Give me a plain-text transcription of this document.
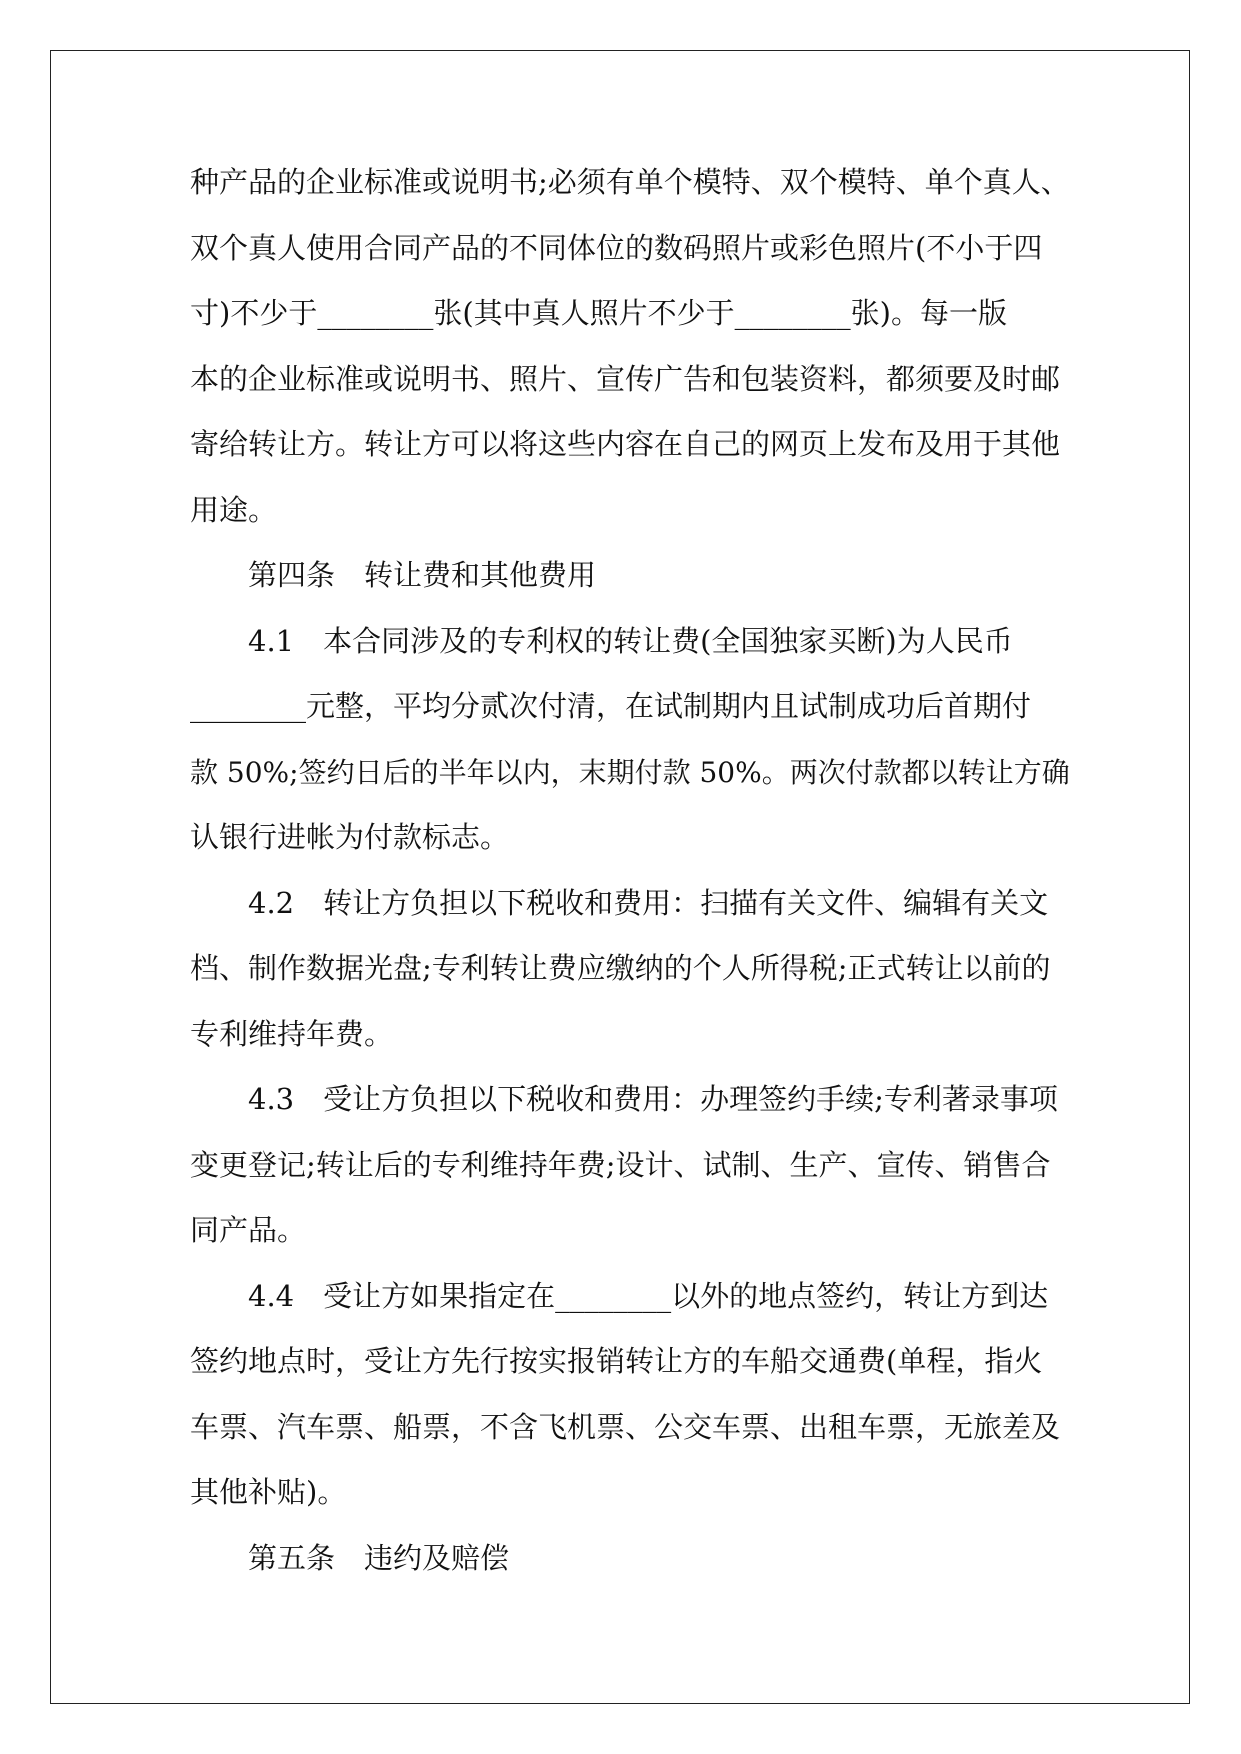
种产品的企业标准或说明书;必须有单个模特、双个模特、单个真人、

双个真人使用合同产品的不同体位的数码照片或彩色照片(不小于四

寸)不少于________张(其中真人照片不少于________张)。每一版

本的企业标准或说明书、照片、宣传广告和包装资料，都须要及时邮

寄给转让方。转让方可以将这些内容在自己的网页上发布及用于其他

用途。

第四条　转让费和其他费用

4.1　本合同涉及的专利权的转让费(全国独家买断)为人民币

________元整，平均分贰次付清，在试制期内且试制成功后首期付

款 50%;签约日后的半年以内，末期付款 50%。两次付款都以转让方确

认银行进帐为付款标志。

4.2　转让方负担以下税收和费用：扫描有关文件、编辑有关文

档、制作数据光盘;专利转让费应缴纳的个人所得税;正式转让以前的

专利维持年费。

4.3　受让方负担以下税收和费用：办理签约手续;专利著录事项

变更登记;转让后的专利维持年费;设计、试制、生产、宣传、销售合

同产品。

4.4　受让方如果指定在________以外的地点签约，转让方到达

签约地点时，受让方先行按实报销转让方的车船交通费(单程，指火

车票、汽车票、船票，不含飞机票、公交车票、出租车票，无旅差及

其他补贴)。

第五条　违约及赔偿
